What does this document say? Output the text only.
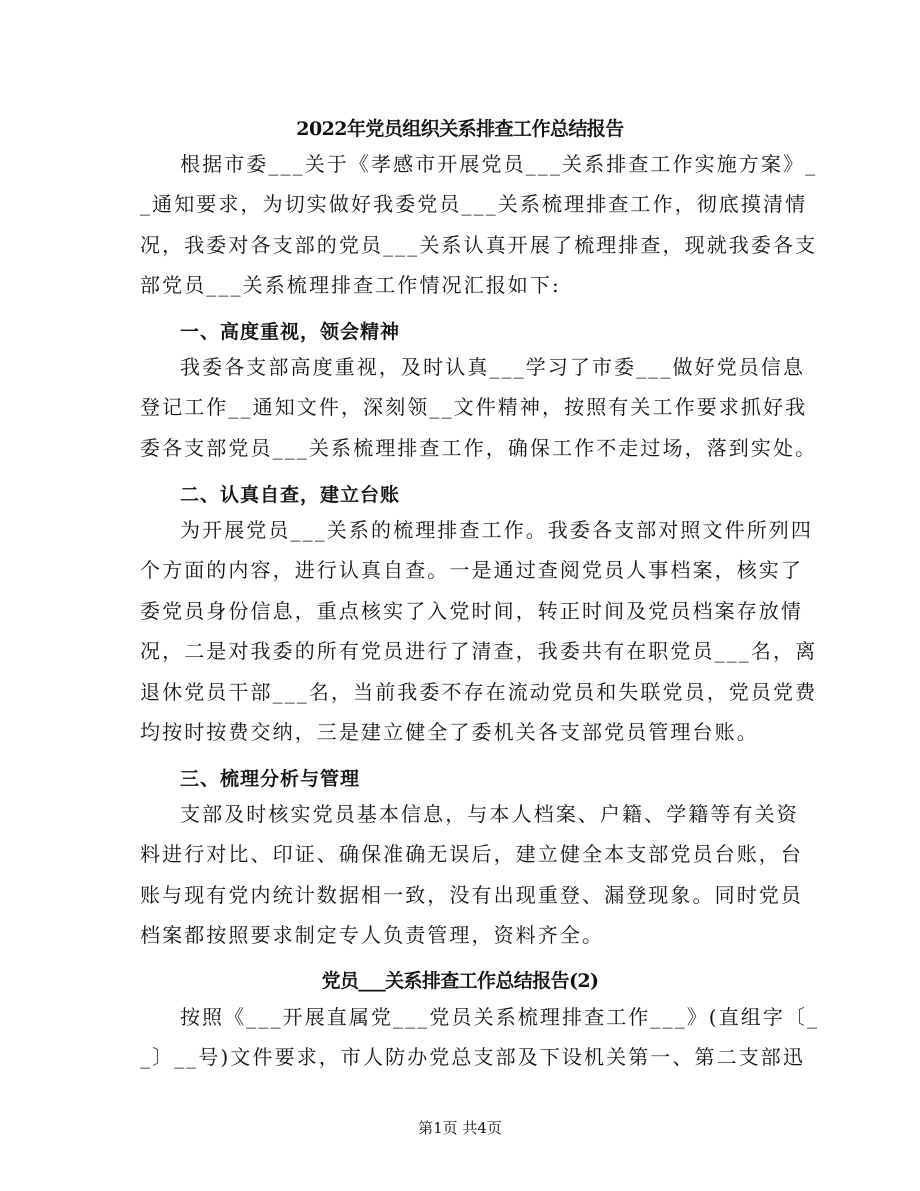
2022年党员组织关系排查工作总结报告
根据市委___关于《孝感市开展党员___关系排查工作实施方案》_
_通知要求，为切实做好我委党员___关系梳理排查工作，彻底摸清情
况，我委对各支部的党员___关系认真开展了梳理排查，现就我委各支
部党员___关系梳理排查工作情况汇报如下:
一、高度重视，领会精神
我委各支部高度重视，及时认真___学习了市委___做好党员信息
登记工作__通知文件，深刻领__文件精神，按照有关工作要求抓好我
委各支部党员___关系梳理排查工作，确保工作不走过场，落到实处。
二、认真自查，建立台账
为开展党员___关系的梳理排查工作。我委各支部对照文件所列四
个方面的内容，进行认真自查。一是通过查阅党员人事档案，核实了
委党员身份信息，重点核实了入党时间，转正时间及党员档案存放情
况，二是对我委的所有党员进行了清查，我委共有在职党员___名，离
退休党员干部___名，当前我委不存在流动党员和失联党员，党员党费
均按时按费交纳，三是建立健全了委机关各支部党员管理台账。
三、梳理分析与管理
支部及时核实党员基本信息，与本人档案、户籍、学籍等有关资
料进行对比、印证、确保准确无误后，建立健全本支部党员台账，台
账与现有党内统计数据相一致，没有出现重登、漏登现象。同时党员
档案都按照要求制定专人负责管理，资料齐全。
党员___关系排查工作总结报告(2)
按照《___开展直属党___党员关系梳理排查工作___》(直组字〔_
_〕__号)文件要求，市人防办党总支部及下设机关第一、第二支部迅
第1页 共4页
